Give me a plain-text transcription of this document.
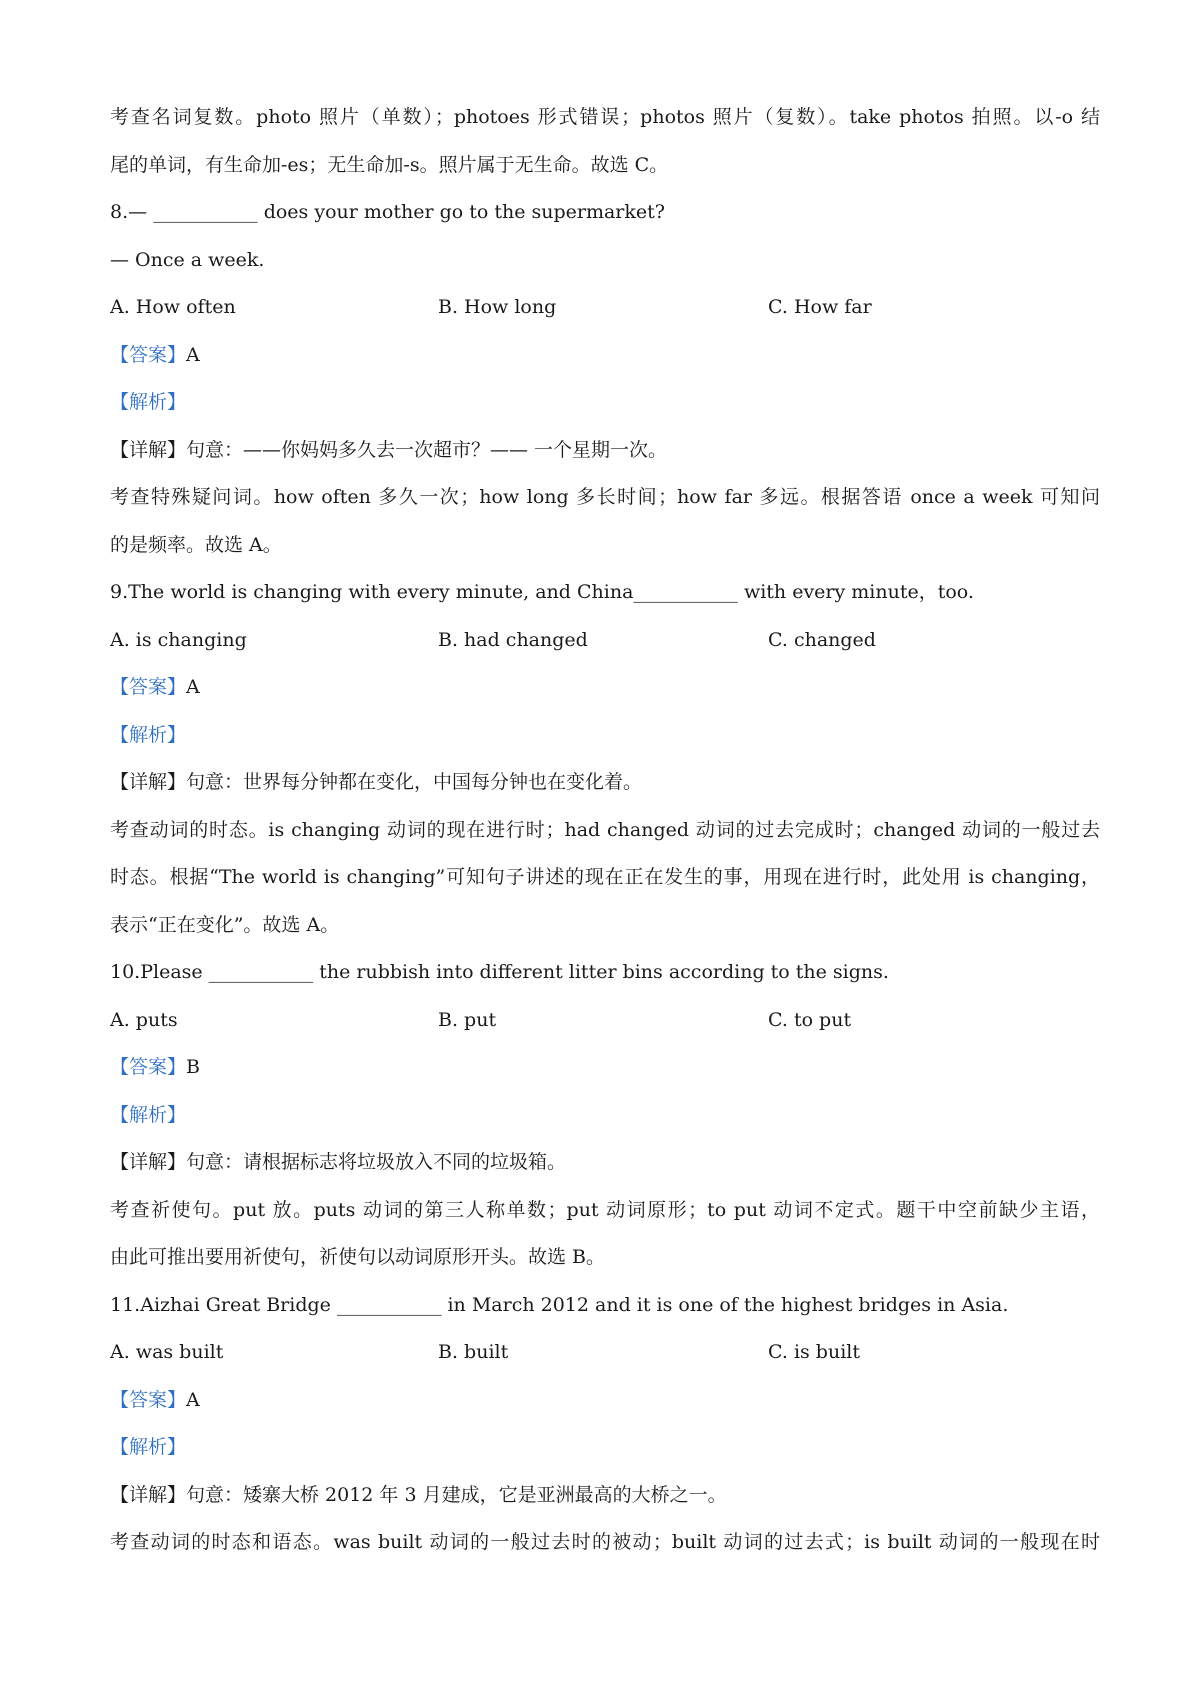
考查名词复数。photo 照片（单数）；photoes 形式错误；photos 照片（复数）。take photos 拍照。以-o 结
尾的单词，有生命加-es；无生命加-s。照片属于无生命。故选 C。
8.— ___________ does your mother go to the supermarket?
— Once a week.
A. How often	B. How long	C. How far
【答案】A
【解析】
【详解】句意：——你妈妈多久去一次超市？—— 一个星期一次。
考查特殊疑问词。how often 多久一次；how long 多长时间；how far 多远。根据答语 once a week 可知问
的是频率。故选 A。
9.The world is changing with every minute, and China___________ with every minute，too.
A. is changing	B. had changed	C. changed
【答案】A
【解析】
【详解】句意：世界每分钟都在变化，中国每分钟也在变化着。
考查动词的时态。is changing 动词的现在进行时；had changed 动词的过去完成时；changed 动词的一般过去
时态。根据“The world is changing”可知句子讲述的现在正在发生的事，用现在进行时，此处用 is changing，
表示“正在变化”。故选 A。
10.Please ___________ the rubbish into different litter bins according to the signs.
A. puts	B. put	C. to put
【答案】B
【解析】
【详解】句意：请根据标志将垃圾放入不同的垃圾箱。
考查祈使句。put 放。puts 动词的第三人称单数；put 动词原形；to put 动词不定式。题干中空前缺少主语，
由此可推出要用祈使句，祈使句以动词原形开头。故选 B。
11.Aizhai Great Bridge ___________ in March 2012 and it is one of the highest bridges in Asia.
A. was built	B. built	C. is built
【答案】A
【解析】
【详解】句意：矮寨大桥 2012 年 3 月建成，它是亚洲最高的大桥之一。
考查动词的时态和语态。was built 动词的一般过去时的被动；built 动词的过去式；is built 动词的一般现在时
